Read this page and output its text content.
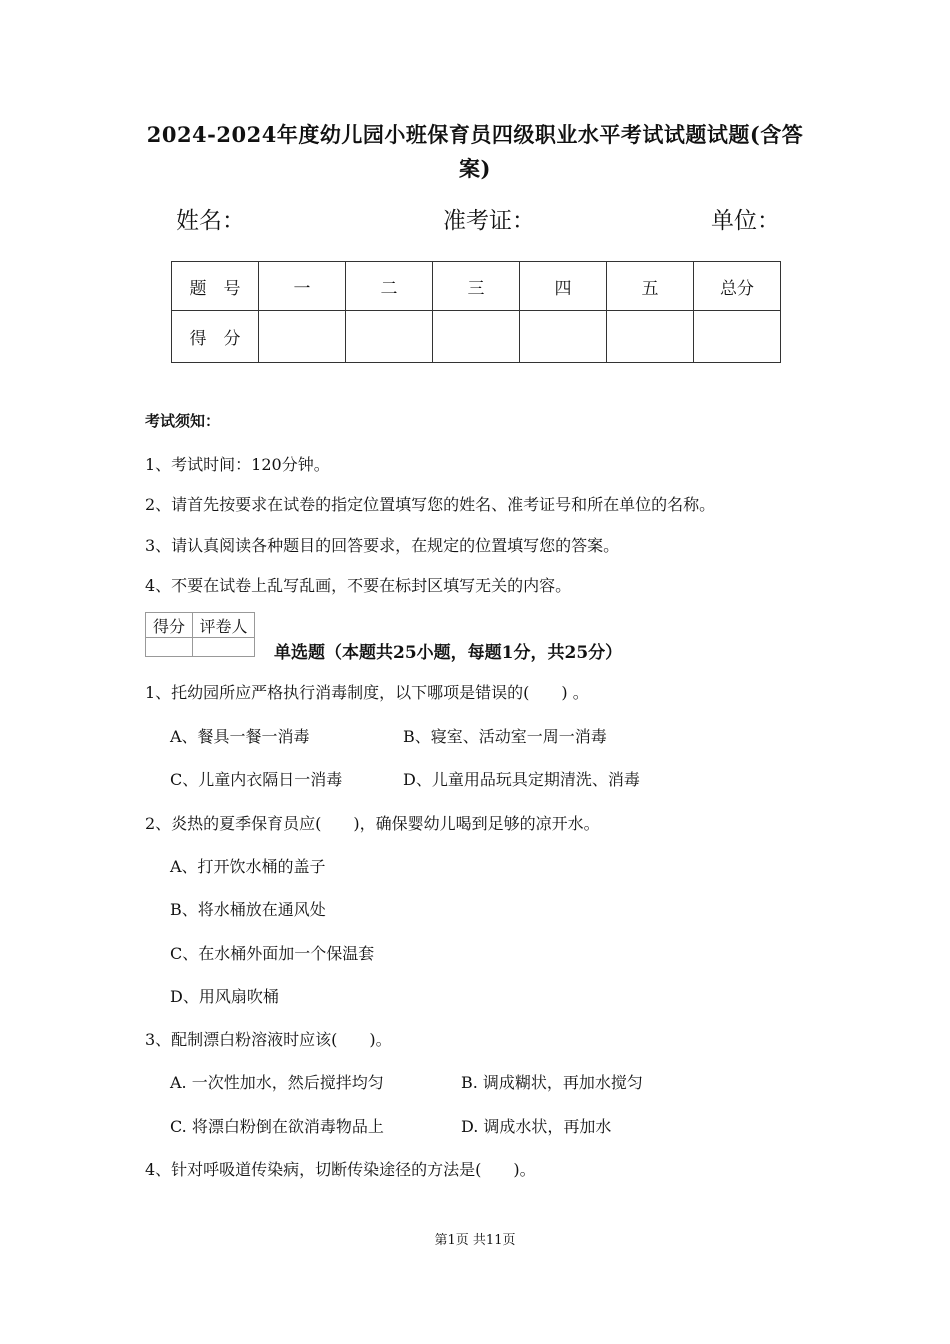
2024-2024年度幼儿园小班保育员四级职业水平考试试题试题(含答
案)
姓名：	准考证：	单位：
题　号	一	二	三	四	五	总分
得　分						
考试须知：
1、考试时间：120分钟。
2、请首先按要求在试卷的指定位置填写您的姓名、准考证号和所在单位的名称。
3、请认真阅读各种题目的回答要求，在规定的位置填写您的答案。
4、不要在试卷上乱写乱画，不要在标封区填写无关的内容。
得分	评卷人

单选题（本题共25小题，每题1分，共25分）
1、托幼园所应严格执行消毒制度，以下哪项是错误的(　　) 。
A、餐具一餐一消毒	B、寝室、活动室一周一消毒
C、儿童内衣隔日一消毒	D、儿童用品玩具定期清洗、消毒
2、炎热的夏季保育员应(　　)，确保婴幼儿喝到足够的凉开水。
A、打开饮水桶的盖子
B、将水桶放在通风处
C、在水桶外面加一个保温套
D、用风扇吹桶
3、配制漂白粉溶液时应该(　　)。
A. 一次性加水，然后搅拌均匀	B. 调成糊状，再加水搅匀
C. 将漂白粉倒在欲消毒物品上	D. 调成水状，再加水
4、针对呼吸道传染病，切断传染途径的方法是(　　)。
第1页 共11页
